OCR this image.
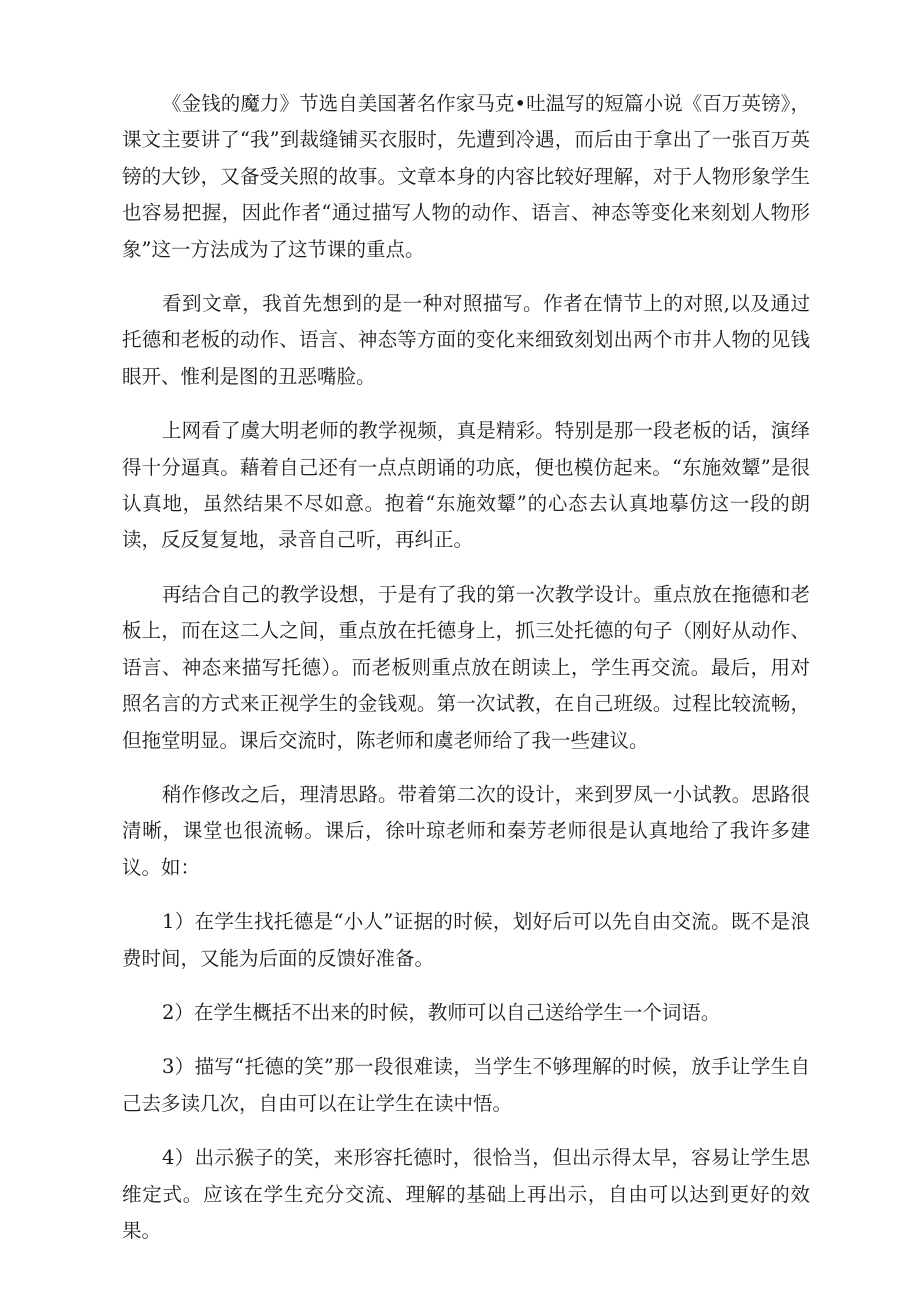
《金钱的魔力》节选自美国著名作家马克•吐温写的短篇小说《百万英镑》，课文主要讲了“我”到裁缝铺买衣服时，先遭到冷遇，而后由于拿出了一张百万英镑的大钞，又备受关照的故事。文章本身的内容比较好理解，对于人物形象学生也容易把握，因此作者“通过描写人物的动作、语言、神态等变化来刻划人物形象”这一方法成为了这节课的重点。

看到文章，我首先想到的是一种对照描写。作者在情节上的对照,以及通过托德和老板的动作、语言、神态等方面的变化来细致刻划出两个市井人物的见钱眼开、惟利是图的丑恶嘴脸。

上网看了虞大明老师的教学视频，真是精彩。特别是那一段老板的话，演绎得十分逼真。藉着自己还有一点点朗诵的功底，便也模仿起来。“东施效颦”是很认真地，虽然结果不尽如意。抱着“东施效颦”的心态去认真地摹仿这一段的朗读，反反复复地，录音自己听，再纠正。

再结合自己的教学设想，于是有了我的第一次教学设计。重点放在拖德和老板上，而在这二人之间，重点放在托德身上，抓三处托德的句子（刚好从动作、语言、神态来描写托德）。而老板则重点放在朗读上，学生再交流。最后，用对照名言的方式来正视学生的金钱观。第一次试教，在自己班级。过程比较流畅，但拖堂明显。课后交流时，陈老师和虞老师给了我一些建议。

稍作修改之后，理清思路。带着第二次的设计，来到罗凤一小试教。思路很清晰，课堂也很流畅。课后，徐叶琼老师和秦芳老师很是认真地给了我许多建议。如：

1）在学生找托德是“小人”证据的时候，划好后可以先自由交流。既不是浪费时间，又能为后面的反馈好准备。

2）在学生概括不出来的时候，教师可以自己送给学生一个词语。

3）描写“托德的笑”那一段很难读，当学生不够理解的时候，放手让学生自己去多读几次，自由可以在让学生在读中悟。

4）出示猴子的笑，来形容托德时，很恰当，但出示得太早，容易让学生思维定式。应该在学生充分交流、理解的基础上再出示，自由可以达到更好的效果。
